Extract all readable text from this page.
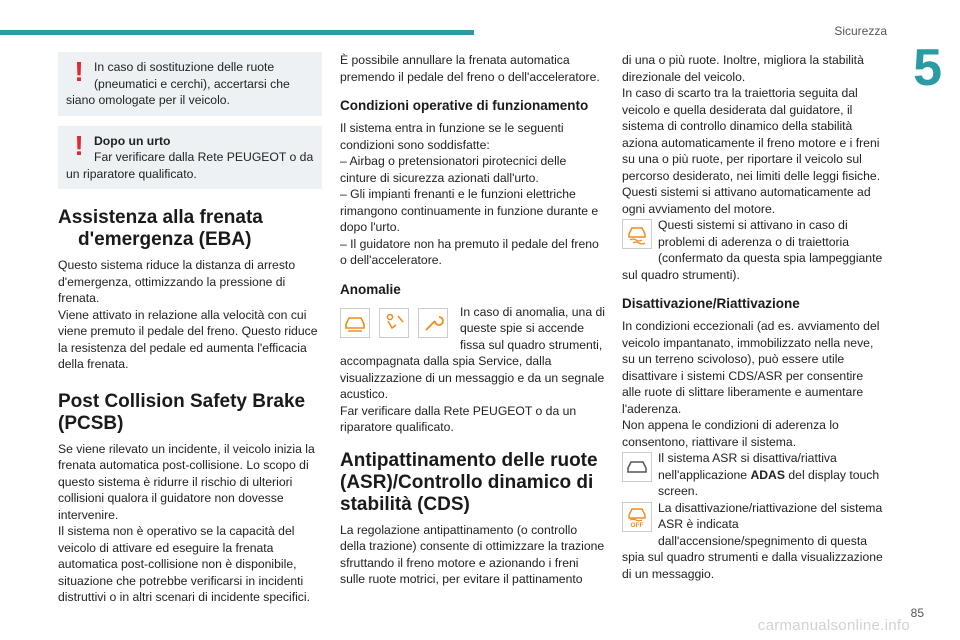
Sicurezza
5
! In caso di sostituzione delle ruote (pneumatici e cerchi), accertarsi che siano omologate per il veicolo.

! Dopo un urto
Far verificare dalla Rete PEUGEOT o da un riparatore qualificato.

Assistenza alla frenata
d'emergenza (EBA)

Questo sistema riduce la distanza di arresto d'emergenza, ottimizzando la pressione di frenata.

Viene attivato in relazione alla velocità con cui viene premuto il pedale del freno. Questo riduce la resistenza del pedale ed aumenta l'efficacia della frenata.

Post Collision Safety Brake (PCSB)

Se viene rilevato un incidente, il veicolo inizia la frenata automatica post-collisione. Lo scopo di questo sistema è ridurre il rischio di ulteriori collisioni qualora il guidatore non dovesse intervenire.

Il sistema non è operativo se la capacità del veicolo di attivare ed eseguire la frenata automatica post-collisione non è disponibile, situazione che potrebbe verificarsi in incidenti distruttivi o in altri scenari di incidente specifici.

È possibile annullare la frenata automatica premendo il pedale del freno o dell'acceleratore.

Condizioni operative di funzionamento

Il sistema entra in funzione se le seguenti condizioni sono soddisfatte:

– Airbag o pretensionatori pirotecnici delle cinture di sicurezza azionati dall'urto.

– Gli impianti frenanti e le funzioni elettriche rimangono continuamente in funzione durante e dopo l'urto.

– Il guidatore non ha premuto il pedale del freno o dell'acceleratore.

Anomalie

In caso di anomalia, una di queste spie si accende fissa sul quadro strumenti, accompagnata dalla spia Service, dalla visualizzazione di un messaggio e da un segnale acustico.

Far verificare dalla Rete PEUGEOT o da un riparatore qualificato.

Antipattinamento delle ruote
(ASR)/Controllo dinamico di
stabilità (CDS)

La regolazione antipattinamento (o controllo della trazione) consente di ottimizzare la trazione sfruttando il freno motore e azionando i freni sulle ruote motrici, per evitare il pattinamento

di una o più ruote. Inoltre, migliora la stabilità direzionale del veicolo.

In caso di scarto tra la traiettoria seguita dal veicolo e quella desiderata dal guidatore, il sistema di controllo dinamico della stabilità aziona automaticamente il freno motore e i freni su una o più ruote, per riportare il veicolo sul percorso desiderato, nei limiti delle leggi fisiche.

Questi sistemi si attivano automaticamente ad ogni avviamento del motore.

Questi sistemi si attivano in caso di problemi di aderenza o di traiettoria (confermato da questa spia lampeggiante sul quadro strumenti).

Disattivazione/Riattivazione

In condizioni eccezionali (ad es. avviamento del veicolo impantanato, immobilizzato nella neve, su un terreno scivoloso), può essere utile disattivare i sistemi CDS/ASR per consentire alle ruote di slittare liberamente e aumentare l'aderenza.

Non appena le condizioni di aderenza lo consentono, riattivare il sistema.

Il sistema ASR si disattiva/riattiva nell'applicazione ADAS del display touch screen.

OFF

La disattivazione/riattivazione del sistema ASR è indicata dall'accensione/spegnimento di questa spia sul quadro strumenti e dalla visualizzazione di un messaggio.

85
carmanualsonline.info
